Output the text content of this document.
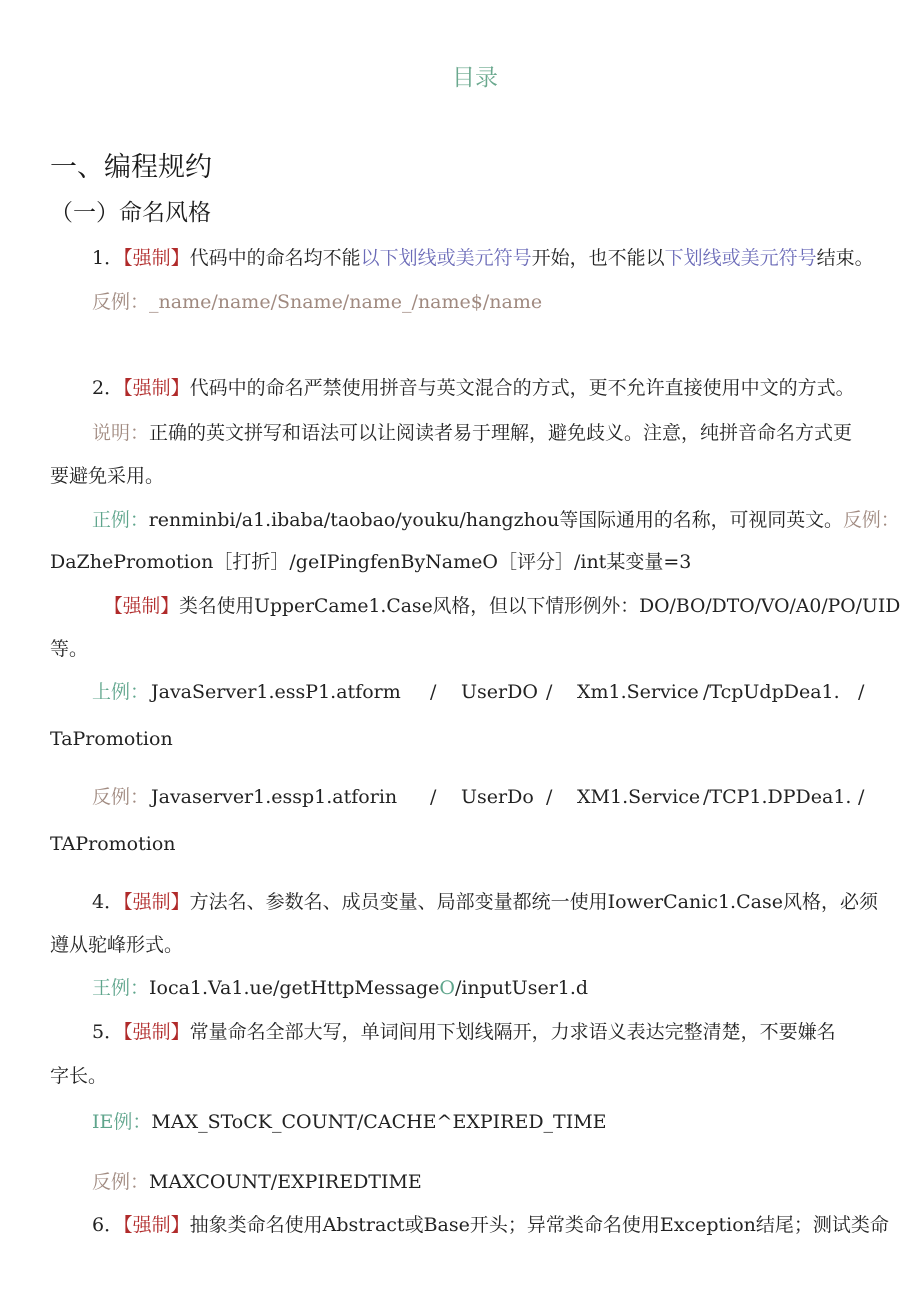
目录
一、编程规约
（一）命名风格
1．【强制】代码中的命名均不能以下划线或美元符号开始，也不能以下划线或美元符号结束。
反例：_name/name/Sname/name_/name$/name
2．【强制】代码中的命名严禁使用拼音与英文混合的方式，更不允许直接使用中文的方式。
说明：正确的英文拼写和语法可以让阅读者易于理解，避免歧义。注意，纯拼音命名方式更
要避免采用。
正例：renminbi/a1.ibaba/taobao/youku/hangzhou等国际通用的名称，可视同英文。反例：
DaZhePromotion［打折］/geIPingfenByNameO［评分］/int某变量=3
【强制】类名使用UpperCame1.Case风格，但以下情形例外：DO/BO/DTO/VO/A0/PO/UID
等。
上例： JavaServer1.essP1.atform / UserDO / Xm1.Service /TcpUdpDea1. /
TaPromotion
反例： Javaserver1.essp1.atforin / UserDo / XM1.Service /TCP1.DPDea1. /
TAPromotion
4．【强制】方法名、参数名、成员变量、局部变量都统一使用IowerCanic1.Case风格，必须
遵从驼峰形式。
王例：Ioca1.Va1.ue/getHttpMessageO/inputUser1.d
5．【强制】常量命名全部大写，单词间用下划线隔开，力求语义表达完整清楚，不要嫌名
字长。
IE例：MAX_SToCK_COUNT/CACHE^EXPIRED_TIME
反例：MAXCOUNT/EXPIREDTIME
6．【强制】抽象类命名使用Abstract或Base开头；异常类命名使用Exception结尾；测试类命
